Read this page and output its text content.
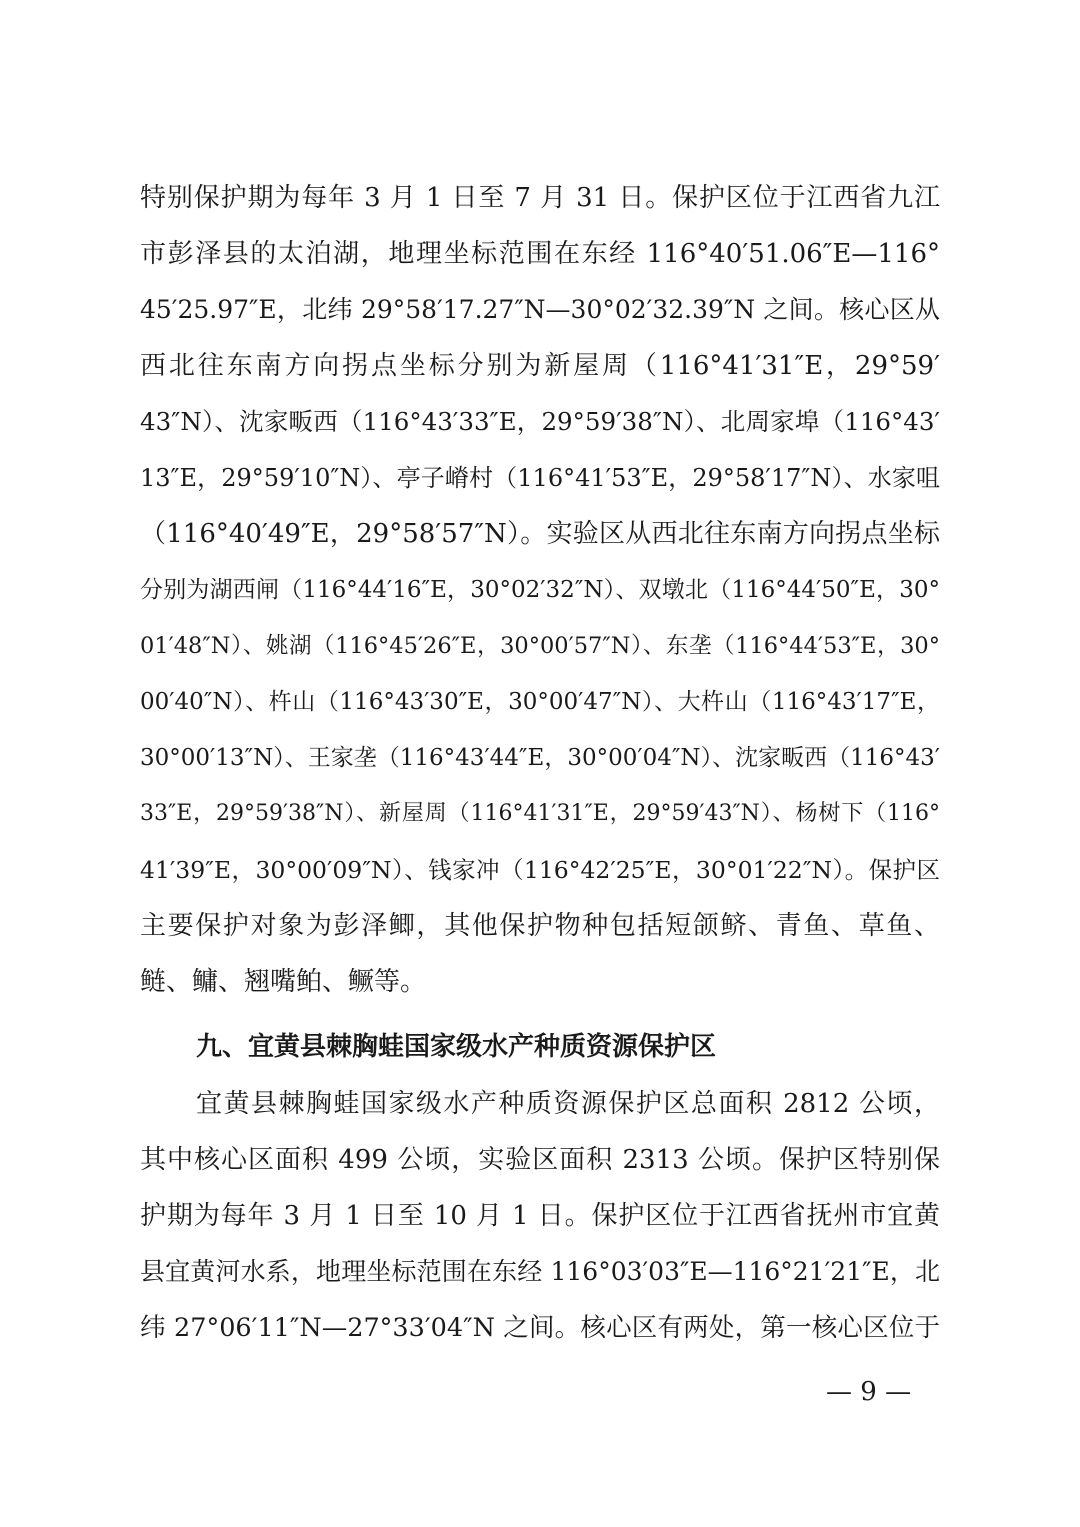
特别保护期为每年 3 月 1 日至 7 月 31 日。保护区位于江西省九江
市彭泽县的太泊湖，地理坐标范围在东经 116°40′51.06″E—116°
45′25.97″E，北纬 29°58′17.27″N—30°02′32.39″N 之间。核心区从
西北往东南方向拐点坐标分别为新屋周（116°41′31″E，29°59′
43″N）、沈家畈西（116°43′33″E，29°59′38″N）、北周家埠（116°43′
13″E，29°59′10″N）、亭子嵴村（116°41′53″E，29°58′17″N）、水家咀
（116°40′49″E，29°58′57″N）。实验区从西北往东南方向拐点坐标
分别为湖西闸（116°44′16″E，30°02′32″N）、双墩北（116°44′50″E，30°
01′48″N）、姚湖（116°45′26″E，30°00′57″N）、东垄（116°44′53″E，30°
00′40″N）、杵山（116°43′30″E，30°00′47″N）、大杵山（116°43′17″E，
30°00′13″N）、王家垄（116°43′44″E，30°00′04″N）、沈家畈西（116°43′
33″E，29°59′38″N）、新屋周（116°41′31″E，29°59′43″N）、杨树下（116°
41′39″E，30°00′09″N）、钱家冲（116°42′25″E，30°01′22″N）。保护区
主要保护对象为彭泽鲫，其他保护物种包括短颌鲚、青鱼、草鱼、
鲢、鳙、翘嘴鲌、鳜等。
九、宜黄县棘胸蛙国家级水产种质资源保护区
宜黄县棘胸蛙国家级水产种质资源保护区总面积 2812 公顷，
其中核心区面积 499 公顷，实验区面积 2313 公顷。保护区特别保
护期为每年 3 月 1 日至 10 月 1 日。保护区位于江西省抚州市宜黄
县宜黄河水系，地理坐标范围在东经 116°03′03″E—116°21′21″E，北
纬 27°06′11″N—27°33′04″N 之间。核心区有两处，第一核心区位于
— 9 —
